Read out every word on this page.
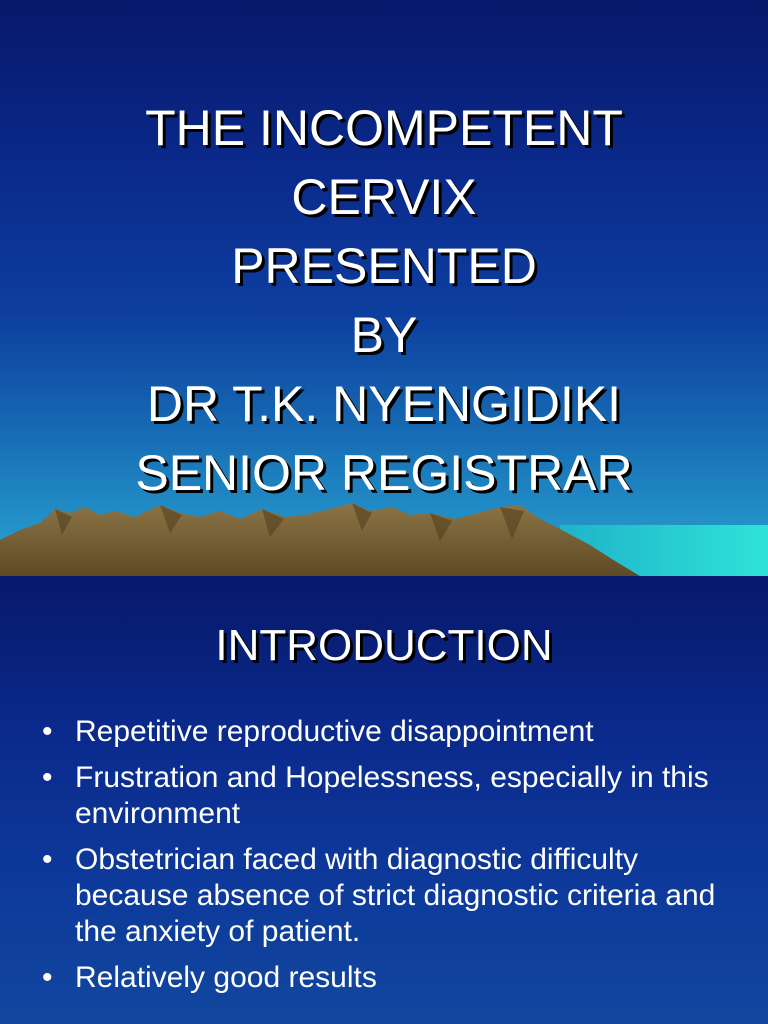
THE INCOMPETENT
CERVIX
PRESENTED
BY
DR T.K. NYENGIDIKI
SENIOR REGISTRAR
INTRODUCTION
• Repetitive reproductive disappointment
• Frustration and Hopelessness, especially in this environment
• Obstetrician faced with diagnostic difficulty because absence of strict diagnostic criteria and the anxiety of patient.
• Relatively good results
